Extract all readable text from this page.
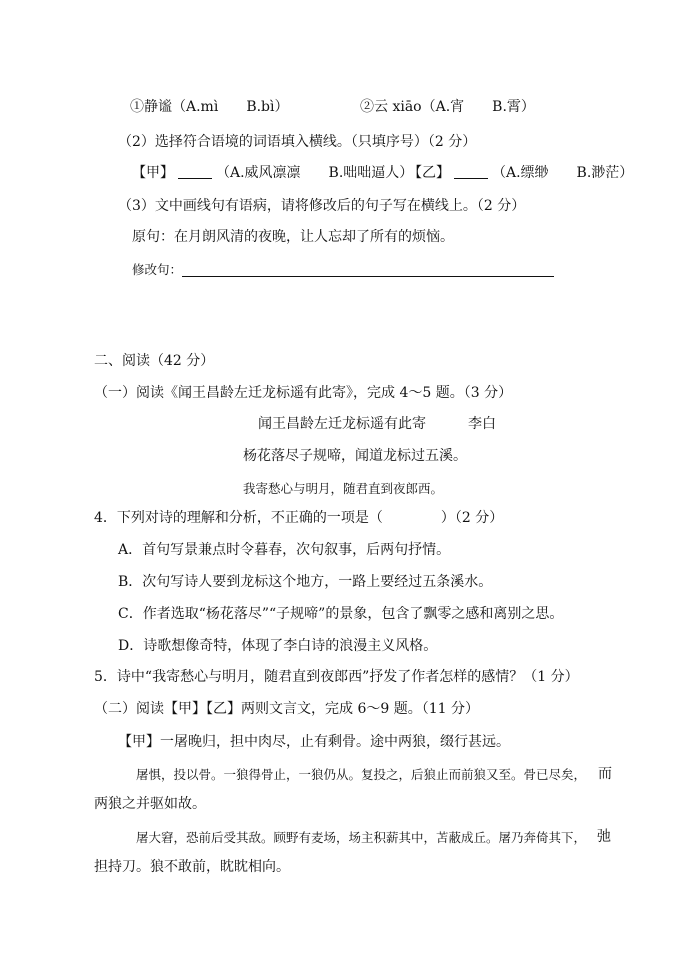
①静谧（A.mì　　B.bì）	②云 xiāo（A.宵　　B.霄）
（2）选择符合语境的词语填入横线。（只填序号）（2 分）
【甲】	（A.威风凛凛　　B.咄咄逼人）
【乙】	（A.缥缈　　B.渺茫）
（3）文中画线句有语病，请将修改后的句子写在横线上。（2 分）
原句：在月朗风清的夜晚，让人忘却了所有的烦恼。
修改句：
二、阅读（42 分）
（一）阅读《闻王昌龄左迁龙标遥有此寄》，完成 4～5 题。（3 分）
闻王昌龄左迁龙标遥有此寄	李白
杨花落尽子规啼，闻道龙标过五溪。
我寄愁心与明月，随君直到夜郎西。
4．下列对诗的理解和分析，不正确的一项是（	）（2 分）
A．首句写景兼点时令暮春，次句叙事，后两句抒情。
B．次句写诗人要到龙标这个地方，一路上要经过五条溪水。
C．作者选取“杨花落尽”“子规啼”的景象，包含了飘零之感和离别之思。
D．诗歌想像奇特，体现了李白诗的浪漫主义风格。
5．诗中“我寄愁心与明月，随君直到夜郎西”抒发了作者怎样的感情？（1 分）
（二）阅读【甲】【乙】两则文言文，完成 6～9 题。（11 分）
【甲】一屠晚归，担中肉尽，止有剩骨。途中两狼，缀行甚远。
屠惧，投以骨。一狼得骨止，一狼仍从。复投之，后狼止而前狼又至。骨已尽矣， 而
两狼之并驱如故。
屠大窘，恐前后受其敌。顾野有麦场，场主积薪其中，苫蔽成丘。屠乃奔倚其下， 弛
担持刀。狼不敢前，眈眈相向。
